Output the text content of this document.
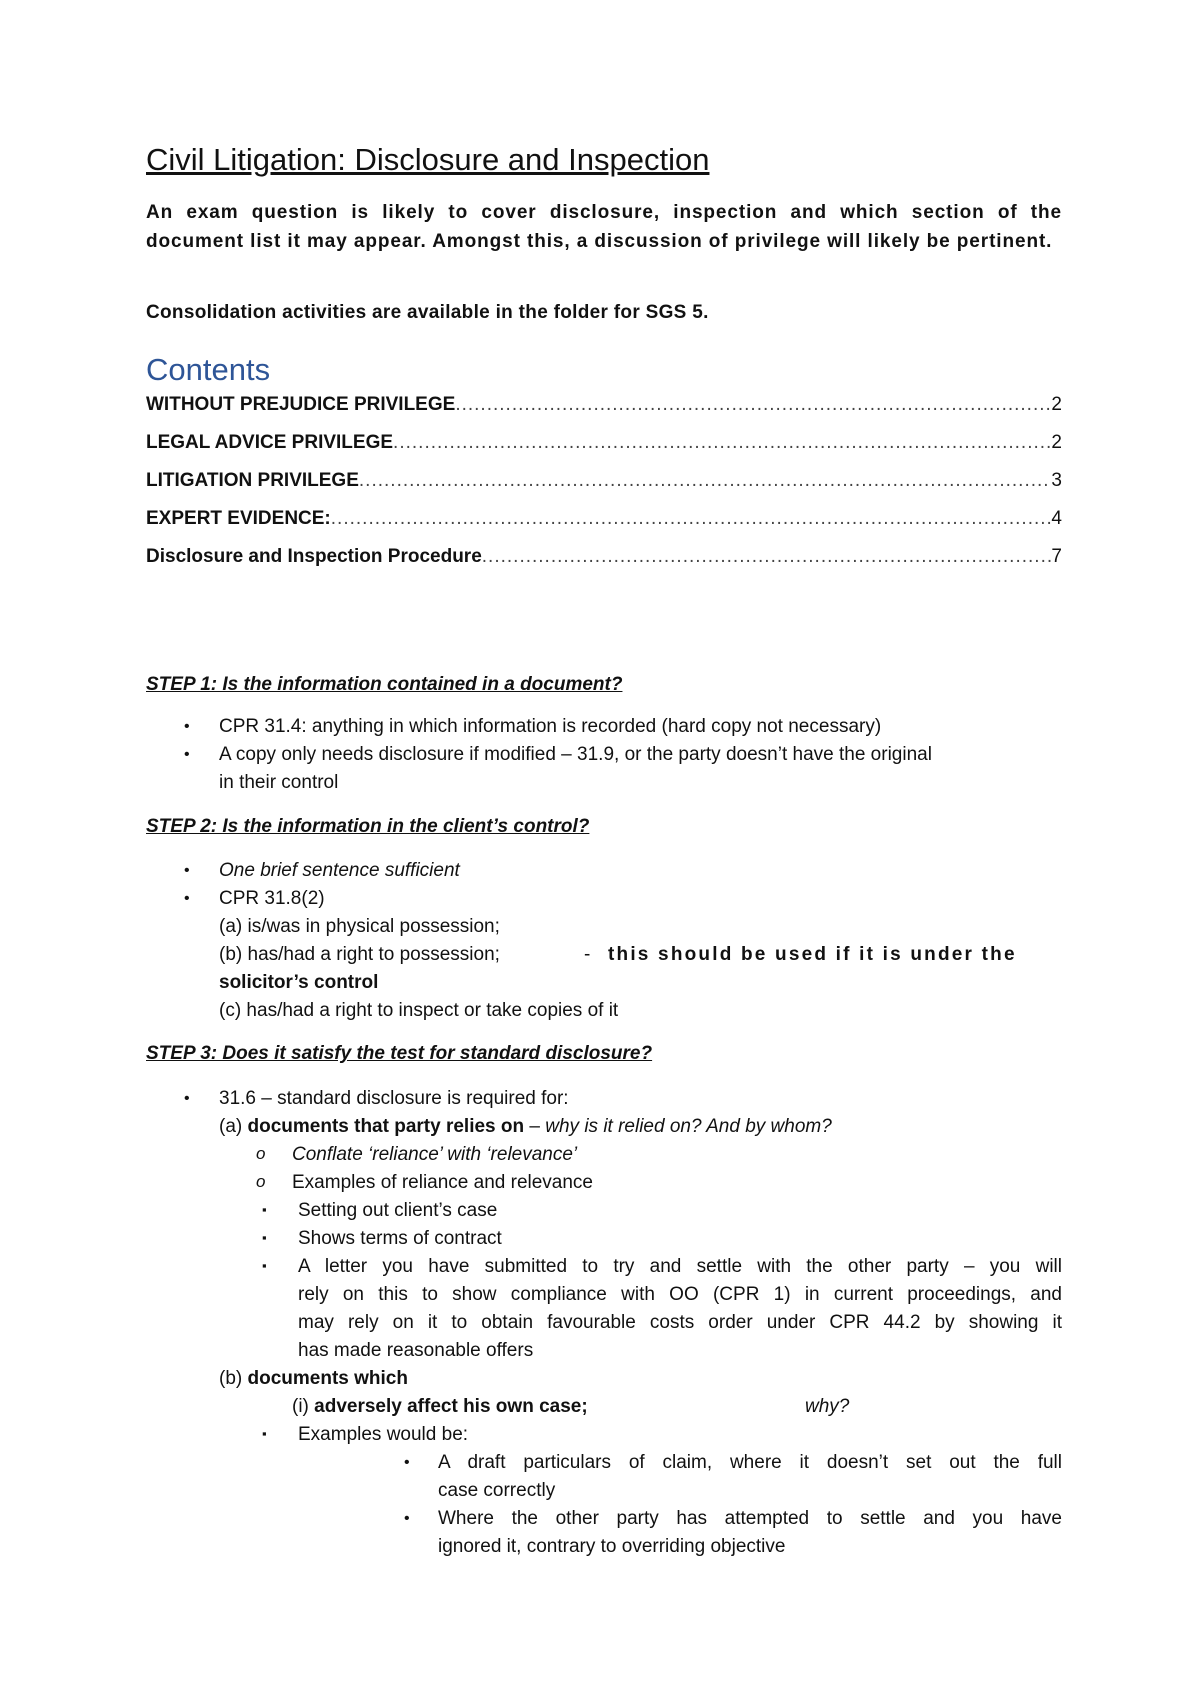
Civil Litigation: Disclosure and Inspection
An exam question is likely to cover disclosure, inspection and which section of the document list it may appear. Amongst this, a discussion of privilege will likely be pertinent.
Consolidation activities are available in the folder for SGS 5.
Contents
WITHOUT PREJUDICE PRIVILEGE .....	2
LEGAL ADVICE PRIVILEGE .....	2
LITIGATION PRIVILEGE .....	3
EXPERT EVIDENCE: .....	4
Disclosure and Inspection Procedure .....	7
STEP 1: Is the information contained in a document?
• CPR 31.4: anything in which information is recorded (hard copy not necessary)
• A copy only needs disclosure if modified – 31.9, or the party doesn’t have the original
in their control
STEP 2: Is the information in the client’s control?
• One brief sentence sufficient
• CPR 31.8(2)
(a) is/was in physical possession;
(b) has/had a right to possession;	- this should be used if it is under the
solicitor’s control
(c) has/had a right to inspect or take copies of it
STEP 3: Does it satisfy the test for standard disclosure?
• 31.6 – standard disclosure is required for:
(a) documents that party relies on – why is it relied on? And by whom?
o Conflate ‘reliance’ with ‘relevance’
o Examples of reliance and relevance
▪ Setting out client’s case
▪ Shows terms of contract
▪ A letter you have submitted to try and settle with the other party – you will
rely on this to show compliance with OO (CPR 1) in current proceedings, and
may rely on it to obtain favourable costs order under CPR 44.2 by showing it
has made reasonable offers
(b) documents which
(i) adversely affect his own case;	why?
▪ Examples would be:
• A draft particulars of claim, where it doesn’t set out the full
case correctly
• Where the other party has attempted to settle and you have
ignored it, contrary to overriding objective
